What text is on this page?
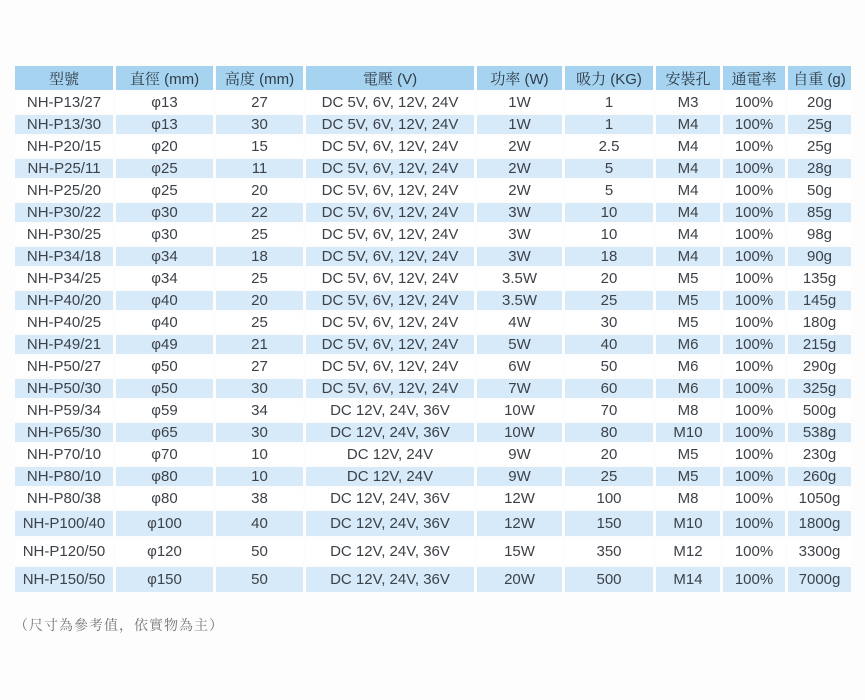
型號	直徑 (mm)	高度 (mm)	電壓 (V)	功率 (W)	吸力 (KG)	安裝孔	通電率	自重 (g)
NH-P13/27	φ13	27	DC 5V, 6V, 12V, 24V	1W	1	M3	100%	20g
NH-P13/30	φ13	30	DC 5V, 6V, 12V, 24V	1W	1	M4	100%	25g
NH-P20/15	φ20	15	DC 5V, 6V, 12V, 24V	2W	2.5	M4	100%	25g
NH-P25/11	φ25	11	DC 5V, 6V, 12V, 24V	2W	5	M4	100%	28g
NH-P25/20	φ25	20	DC 5V, 6V, 12V, 24V	2W	5	M4	100%	50g
NH-P30/22	φ30	22	DC 5V, 6V, 12V, 24V	3W	10	M4	100%	85g
NH-P30/25	φ30	25	DC 5V, 6V, 12V, 24V	3W	10	M4	100%	98g
NH-P34/18	φ34	18	DC 5V, 6V, 12V, 24V	3W	18	M4	100%	90g
NH-P34/25	φ34	25	DC 5V, 6V, 12V, 24V	3.5W	20	M5	100%	135g
NH-P40/20	φ40	20	DC 5V, 6V, 12V, 24V	3.5W	25	M5	100%	145g
NH-P40/25	φ40	25	DC 5V, 6V, 12V, 24V	4W	30	M5	100%	180g
NH-P49/21	φ49	21	DC 5V, 6V, 12V, 24V	5W	40	M6	100%	215g
NH-P50/27	φ50	27	DC 5V, 6V, 12V, 24V	6W	50	M6	100%	290g
NH-P50/30	φ50	30	DC 5V, 6V, 12V, 24V	7W	60	M6	100%	325g
NH-P59/34	φ59	34	DC 12V, 24V, 36V	10W	70	M8	100%	500g
NH-P65/30	φ65	30	DC 12V, 24V, 36V	10W	80	M10	100%	538g
NH-P70/10	φ70	10	DC 12V, 24V	9W	20	M5	100%	230g
NH-P80/10	φ80	10	DC 12V, 24V	9W	25	M5	100%	260g
NH-P80/38	φ80	38	DC 12V, 24V, 36V	12W	100	M8	100%	1050g
NH-P100/40	φ100	40	DC 12V, 24V, 36V	12W	150	M10	100%	1800g
NH-P120/50	φ120	50	DC 12V, 24V, 36V	15W	350	M12	100%	3300g
NH-P150/50	φ150	50	DC 12V, 24V, 36V	20W	500	M14	100%	7000g
（尺寸為參考值，依實物為主）
